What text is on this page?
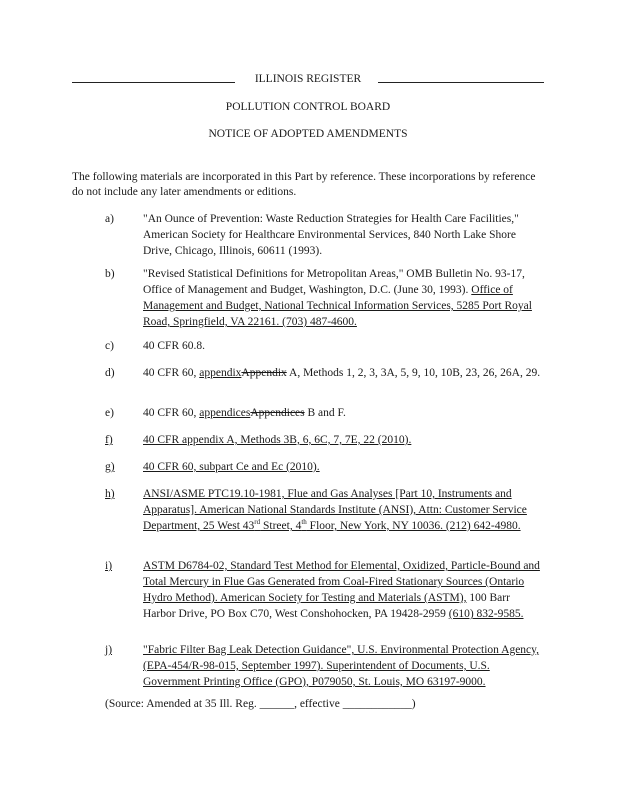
ILLINOIS REGISTER
POLLUTION CONTROL BOARD
NOTICE OF ADOPTED AMENDMENTS
The following materials are incorporated in this Part by reference. These incorporations by reference do not include any later amendments or editions.
a)	"An Ounce of Prevention: Waste Reduction Strategies for Health Care Facilities," American Society for Healthcare Environmental Services, 840 North Lake Shore Drive, Chicago, Illinois, 60611 (1993).
b)	"Revised Statistical Definitions for Metropolitan Areas," OMB Bulletin No. 93-17, Office of Management and Budget, Washington, D.C. (June 30, 1993). Office of Management and Budget, National Technical Information Services, 5285 Port Royal Road, Springfield, VA 22161. (703) 487-4600.
c)	40 CFR 60.8.
d)	40 CFR 60, appendixAppendix A, Methods 1, 2, 3, 3A, 5, 9, 10, 10B, 23, 26, 26A, 29.
e)	40 CFR 60, appendicesAppendices B and F.
f)	40 CFR appendix A, Methods 3B, 6, 6C, 7, 7E, 22 (2010).
g)	40 CFR 60, subpart Ce and Ec (2010).
h)	ANSI/ASME PTC19.10-1981, Flue and Gas Analyses [Part 10, Instruments and Apparatus]. American National Standards Institute (ANSI), Attn: Customer Service Department, 25 West 43rd Street, 4th Floor, New York, NY 10036. (212) 642-4980.
i)	ASTM D6784-02, Standard Test Method for Elemental, Oxidized, Particle-Bound and Total Mercury in Flue Gas Generated from Coal-Fired Stationary Sources (Ontario Hydro Method). American Society for Testing and Materials (ASTM), 100 Barr Harbor Drive, PO Box C70, West Conshohocken, PA 19428-2959 (610) 832-9585.
j)	"Fabric Filter Bag Leak Detection Guidance", U.S. Environmental Protection Agency, (EPA-454/R-98-015, September 1997). Superintendent of Documents, U.S. Government Printing Office (GPO), P079050, St. Louis, MO 63197-9000.
(Source: Amended at 35 Ill. Reg. ______, effective ____________)
